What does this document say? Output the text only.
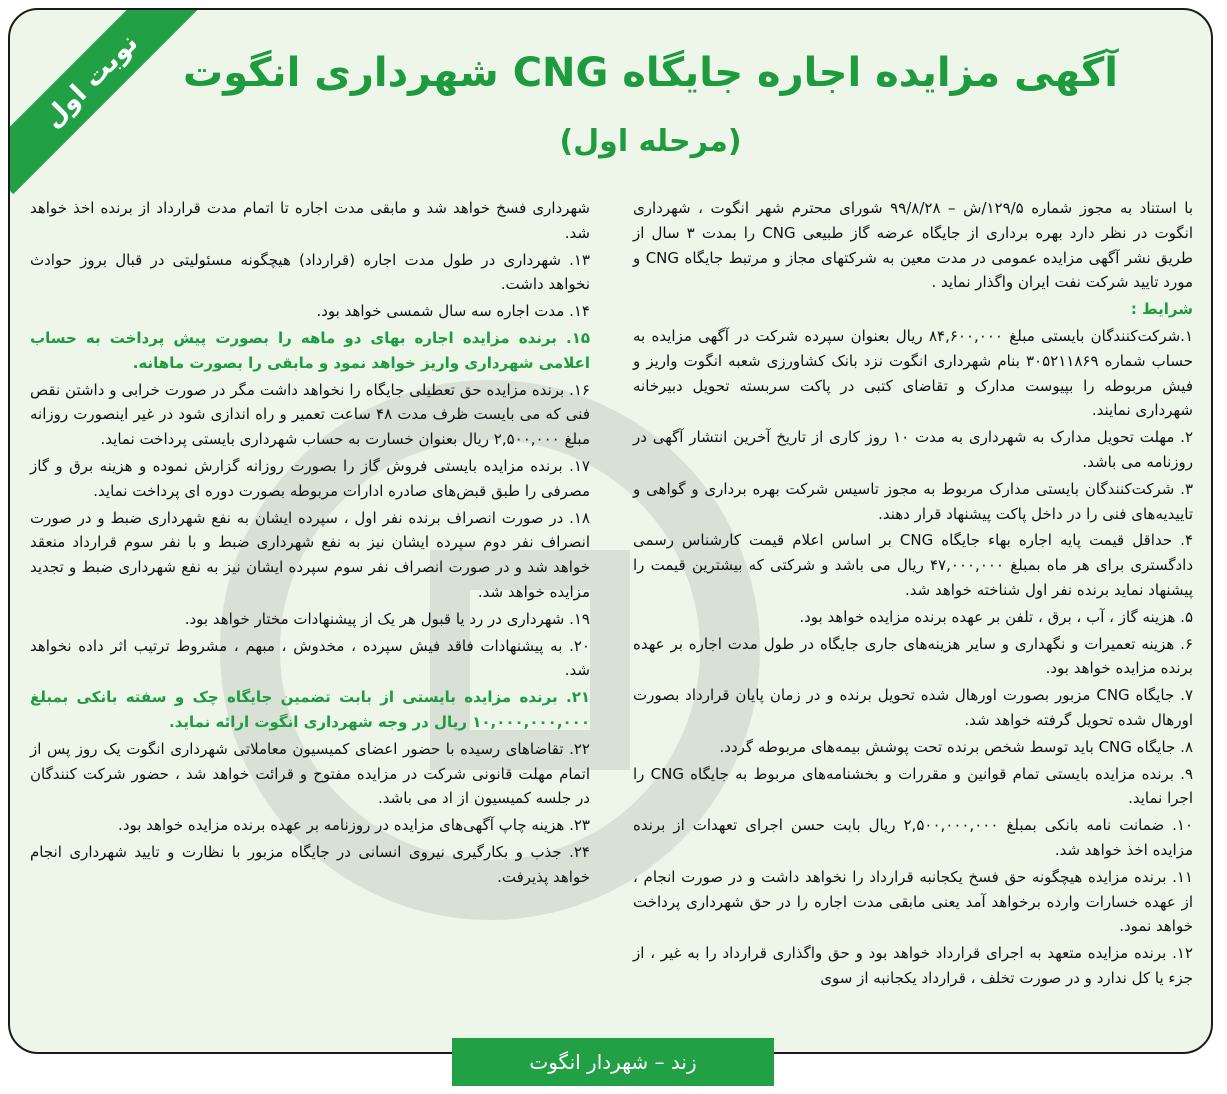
نوبت اول آگهی مزایده اجاره جایگاه CNG شهرداری انگوت
(مرحله اول)

با استناد به مجوز شماره ۱۲۹/۵/ش – ۹۹/۸/۲۸ شورای محترم شهر انگوت ، شهرداری انگوت در نظر دارد بهره برداری از جایگاه عرضه گاز طبیعی CNG را بمدت ۳ سال از طریق نشر آگهی مزایده عمومی در مدت معین به شرکتهای مجاز و مرتبط جایگاه CNG و مورد تایید شرکت نفت ایران واگذار نماید .

شرایط :

۱.شرکت‌کنندگان بایستی مبلغ ۸۴,۶۰۰,۰۰۰ ریال بعنوان سپرده شرکت در آگهی مزایده به حساب شماره ۳۰۵۲۱۱۸۶۹ بنام شهرداری انگوت نزد بانک کشاورزی شعبه انگوت واریز و فیش مربوطه را بپیوست مدارک و تقاضای کتبی در پاکت سربسته تحویل دبیرخانه شهرداری نمایند.

۲. مهلت تحویل مدارک به شهرداری به مدت ۱۰ روز کاری از تاریخ آخرین انتشار آگهی در روزنامه می باشد.

۳. شرکت‌کنندگان بایستی مدارک مربوط به مجوز تاسیس شرکت بهره برداری و گواهی و تاییدیه‌های فنی را در داخل پاکت پیشنهاد قرار دهند.

۴. حداقل قیمت پایه اجاره بهاء جایگاه CNG بر اساس اعلام قیمت کارشناس رسمی دادگستری برای هر ماه بمبلغ ۴۷,۰۰۰,۰۰۰ ریال می باشد و شرکتی که بیشترین قیمت را پیشنهاد نماید برنده نفر اول شناخته خواهد شد.

۵. هزینه گاز ، آب ، برق ، تلفن بر عهده برنده مزایده خواهد بود.

۶. هزینه تعمیرات و نگهداری و سایر هزینه‌های جاری جایگاه در طول مدت اجاره بر عهده برنده مزایده خواهد بود.

۷. جایگاه CNG مزبور بصورت اورهال شده تحویل برنده و در زمان پایان قرارداد بصورت اورهال شده تحویل گرفته خواهد شد.

۸. جایگاه CNG باید توسط شخص برنده تحت پوشش بیمه‌های مربوطه گردد.

۹. برنده مزایده بایستی تمام قوانین و مقررات و بخشنامه‌های مربوط به جایگاه CNG را اجرا نماید.

۱۰. ضمانت نامه بانکی بمبلغ ۲,۵۰۰,۰۰۰,۰۰۰ ریال بابت حسن اجرای تعهدات از برنده مزایده اخذ خواهد شد.

۱۱. برنده مزایده هیچگونه حق فسخ یکجانبه قرارداد را نخواهد داشت و در صورت انجام ، از عهده خسارات وارده برخواهد آمد یعنی مابقی مدت اجاره را در حق شهرداری پرداخت خواهد نمود.

۱۲. برنده مزایده متعهد به اجرای قرارداد خواهد بود و حق واگذاری قرارداد را به غیر ، از جزء یا کل ندارد و در صورت تخلف ، قرارداد یکجانبه از سوی

شهرداری فسخ خواهد شد و مابقی مدت اجاره تا اتمام مدت قرارداد از برنده اخذ خواهد شد.

۱۳. شهرداری در طول مدت اجاره (قرارداد) هیچگونه مسئولیتی در قبال بروز حوادث نخواهد داشت.

۱۴. مدت اجاره سه سال شمسی خواهد بود.

۱۵. برنده مزایده اجاره بهای دو ماهه را بصورت پیش پرداخت به حساب اعلامی شهرداری واریز خواهد نمود و مابقی را بصورت ماهانه.

۱۶. برنده مزایده حق تعطیلی جایگاه را نخواهد داشت مگر در صورت خرابی و داشتن نقص فنی که می بایست ظرف مدت ۴۸ ساعت تعمیر و راه اندازی شود در غیر اینصورت روزانه مبلغ ۲,۵۰۰,۰۰۰ ریال بعنوان خسارت به حساب شهرداری بایستی پرداخت نماید.

۱۷. برنده مزایده بایستی فروش گاز را بصورت روزانه گزارش نموده و هزینه برق و گاز مصرفی را طبق قبض‌های صادره ادارات مربوطه بصورت دوره ای پرداخت نماید.

۱۸. در صورت انصراف برنده نفر اول ، سپرده ایشان به نفع شهرداری ضبط و در صورت انصراف نفر دوم سپرده ایشان نیز به نفع شهرداری ضبط و با نفر سوم قرارداد منعقد خواهد شد و در صورت انصراف نفر سوم سپرده ایشان نیز به نفع شهرداری ضبط و تجدید مزایده خواهد شد.

۱۹. شهرداری در رد یا قبول هر یک از پیشنهادات مختار خواهد بود.

۲۰. به پیشنهادات فاقد فیش سپرده ، مخدوش ، مبهم ، مشروط ترتیب اثر داده نخواهد شد.

۲۱. برنده مزایده بایستی از بابت تضمین جایگاه چک و سفته بانکی بمبلغ ۱۰,۰۰۰,۰۰۰,۰۰۰ ریال در وجه شهرداری انگوت ارائه نماید.

۲۲. تقاضاهای رسیده با حضور اعضای کمیسیون معاملاتی شهرداری انگوت یک روز پس از اتمام مهلت قانونی شرکت در مزایده مفتوح و قرائت خواهد شد ، حضور شرکت کنندگان در جلسه کمیسیون از اد می باشد.

۲۳. هزینه چاپ آگهی‌های مزایده در روزنامه بر عهده برنده مزایده خواهد بود.

۲۴. جذب و بکارگیری نیروی انسانی در جایگاه مزبور با نظارت و تایید شهرداری انجام خواهد پذیرفت.

زند – شهردار انگوت
